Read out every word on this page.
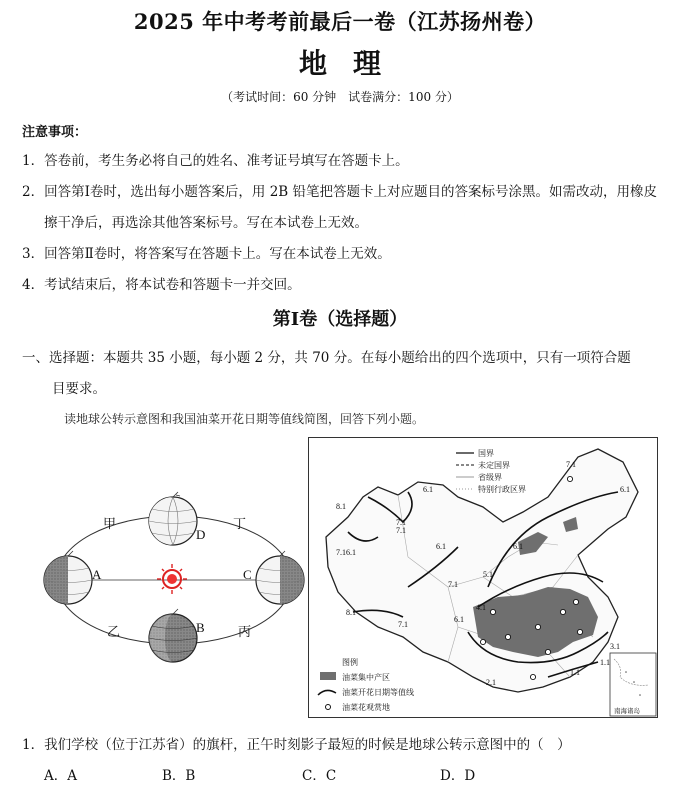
2025 年中考考前最后一卷（江苏扬州卷）
地理
（考试时间：60 分钟　试卷满分：100 分）
注意事项：
1．答卷前，考生务必将自己的姓名、准考证号填写在答题卡上。
2．回答第Ⅰ卷时，选出每小题答案后，用 2B 铅笔把答题卡上对应题目的答案标号涂黑。如需改动，用橡皮
擦干净后，再选涂其他答案标号。写在本试卷上无效。
3．回答第Ⅱ卷时，将答案写在答题卡上。写在本试卷上无效。
4．考试结束后，将本试卷和答题卡一并交回。
第Ⅰ卷（选择题）
一、选择题：本题共 35 小题，每小题 2 分，共 70 分。在每小题给出的四个选项中，只有一项符合题
目要求。
读地球公转示意图和我国油菜开花日期等值线简图，回答下列小题。
D
A	C
B
甲
乙	丙
丁
7.1
6.1
8.1
7.1
7.1
6.1
7.16.1
6.1
7.1
6.1
8.1
7.1
6.1
4.1
3.1
2.1
1.1
5.1
1.1
国界
未定国界
省级界
特别行政区界
图例
油菜集中产区
油菜开花日期等值线
油菜花观赏地	南海诸岛
1．我们学校（位于江苏省）的旗杆，正午时刻影子最短的时候是地球公转示意图中的（　）
A．A	B．B	C．C	D．D
